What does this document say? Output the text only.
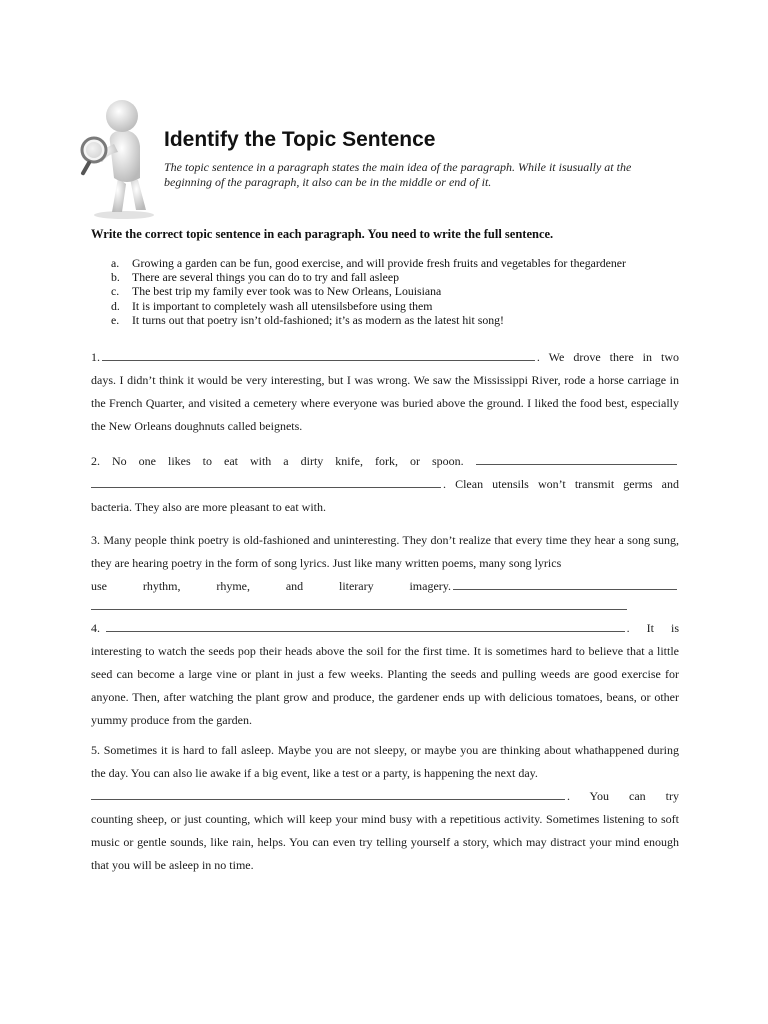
Identify the Topic Sentence

The topic sentence in a paragraph states the main idea of the paragraph. While it isusually at the beginning of the paragraph, it also can be in the middle or end of it.

Write the correct topic sentence in each paragraph. You need to write the full sentence.

a. Growing a garden can be fun, good exercise, and will provide fresh fruits and vegetables for thegardener
b. There are several things you can do to try and fall asleep
c. The best trip my family ever took was to New Orleans, Louisiana
d. It is important to completely wash all utensilsbefore using them
e. It turns out that poetry isn’t old-fashioned; it’s as modern as the latest hit song!
1.	. We drove there in two
days. I didn’t think it would be very interesting, but I was wrong. We saw the Mississippi River, rode a horse carriage in the French Quarter, and visited a cemetery where everyone was buried above the ground. I liked the food best, especially the New Orleans doughnuts called beignets.
2. No one likes to eat with a dirty knife, fork, or spoon.
. Clean utensils won’t transmit germs and
bacteria. They also are more pleasant to eat with.
3. Many people think poetry is old-fashioned and uninteresting. They don’t realize that every time they hear a song sung, they are hearing poetry in the form of song lyrics. Just like many written poems, many song lyrics
use rhythm, rhyme, and literary imagery.
4.	. It is
interesting to watch the seeds pop their heads above the soil for the first time. It is sometimes hard to believe that a little seed can become a large vine or plant in just a few weeks. Planting the seeds and pulling weeds are good exercise for anyone. Then, after watching the plant grow and produce, the gardener ends up with delicious tomatoes, beans, or other yummy produce from the garden.
5. Sometimes it is hard to fall asleep. Maybe you are not sleepy, or maybe you are thinking about whathappened during the day. You can also lie awake if a big event, like a test or a party, is happening the next day.
. You can try
counting sheep, or just counting, which will keep your mind busy with a repetitious activity. Sometimes listening to soft music or gentle sounds, like rain, helps. You can even try telling yourself a story, which may distract your mind enough that you will be asleep in no time.
